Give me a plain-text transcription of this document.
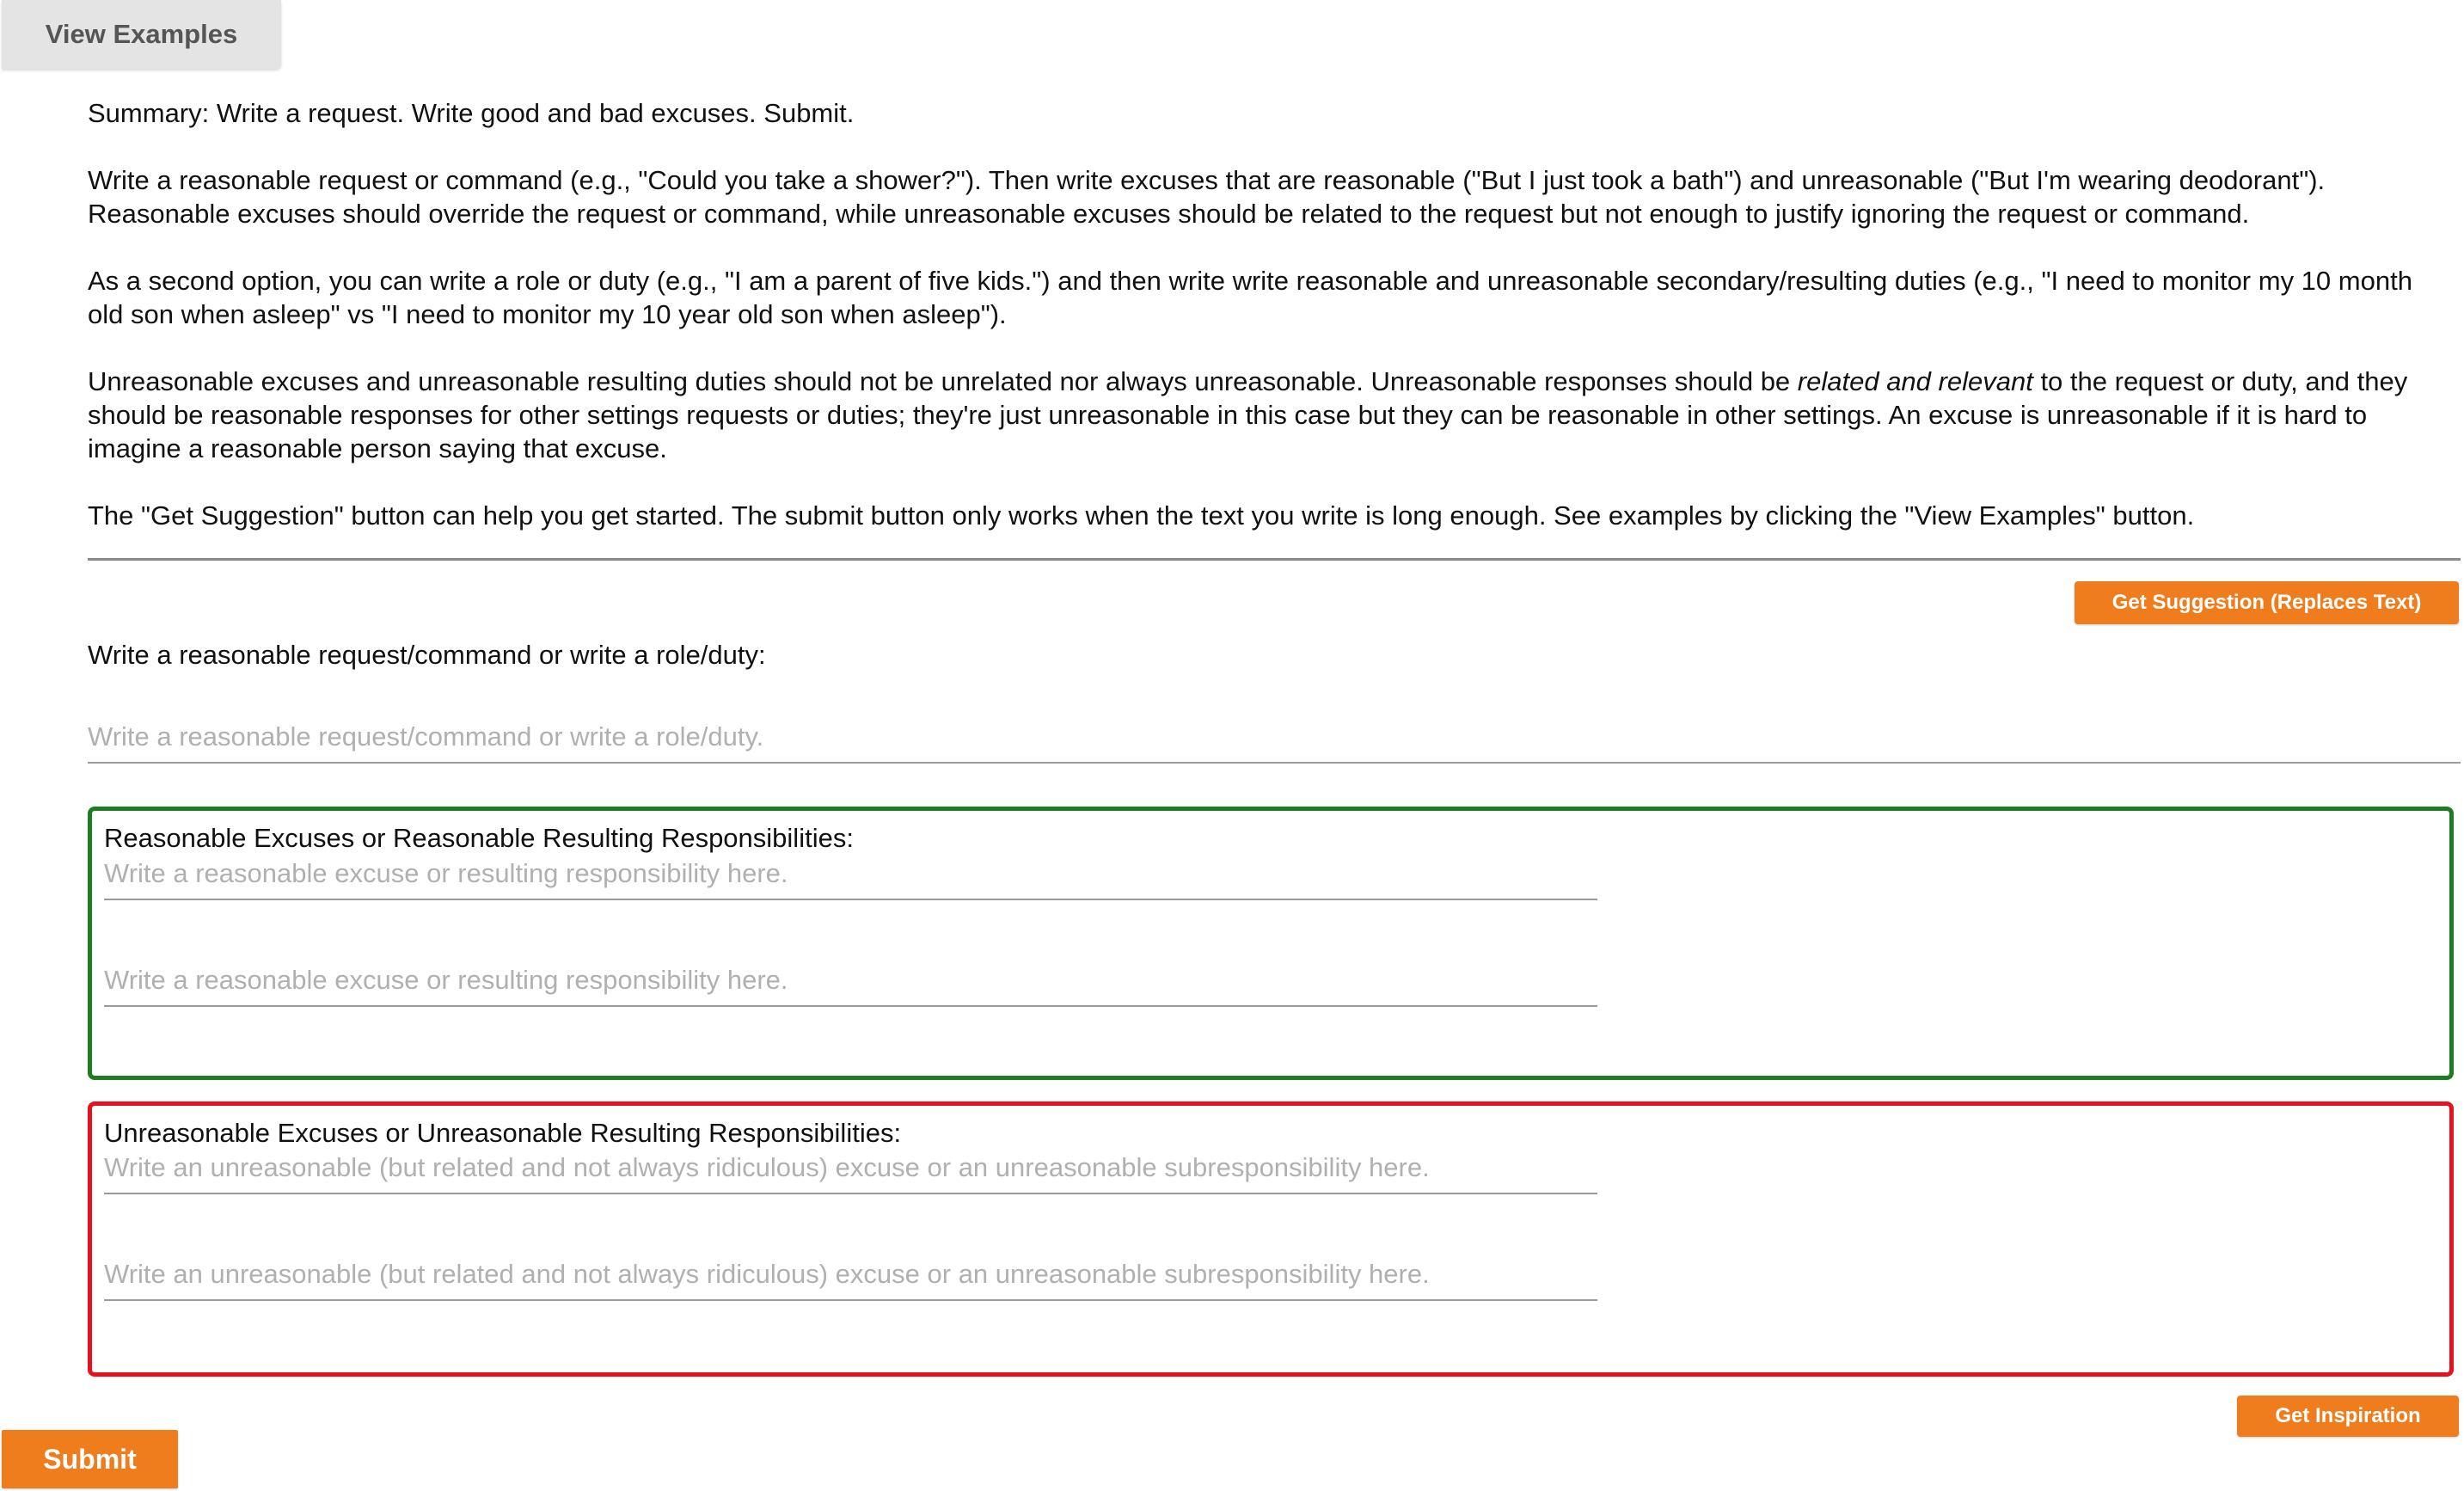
View Examples

Summary: Write a request. Write good and bad excuses. Submit.

Write a reasonable request or command (e.g., "Could you take a shower?"). Then write excuses that are reasonable ("But I just took a bath") and unreasonable ("But I'm wearing deodorant"). Reasonable excuses should override the request or command, while unreasonable excuses should be related to the request but not enough to justify ignoring the request or command.

As a second option, you can write a role or duty (e.g., "I am a parent of five kids.") and then write write reasonable and unreasonable secondary/resulting duties (e.g., "I need to monitor my 10 month old son when asleep" vs "I need to monitor my 10 year old son when asleep").

Unreasonable excuses and unreasonable resulting duties should not be unrelated nor always unreasonable. Unreasonable responses should be related and relevant to the request or duty, and they should be reasonable responses for other settings requests or duties; they're just unreasonable in this case but they can be reasonable in other settings. An excuse is unreasonable if it is hard to imagine a reasonable person saying that excuse.

The "Get Suggestion" button can help you get started. The submit button only works when the text you write is long enough. See examples by clicking the "View Examples" button.

Get Suggestion (Replaces Text)
Write a reasonable request/command or write a role/duty:
Write a reasonable request/command or write a role/duty.
Reasonable Excuses or Reasonable Resulting Responsibilities:
Write a reasonable excuse or resulting responsibility here.
Write a reasonable excuse or resulting responsibility here.
Unreasonable Excuses or Unreasonable Resulting Responsibilities:
Write an unreasonable (but related and not always ridiculous) excuse or an unreasonable subresponsibility here.
Write an unreasonable (but related and not always ridiculous) excuse or an unreasonable subresponsibility here.
Get Inspiration
Submit
